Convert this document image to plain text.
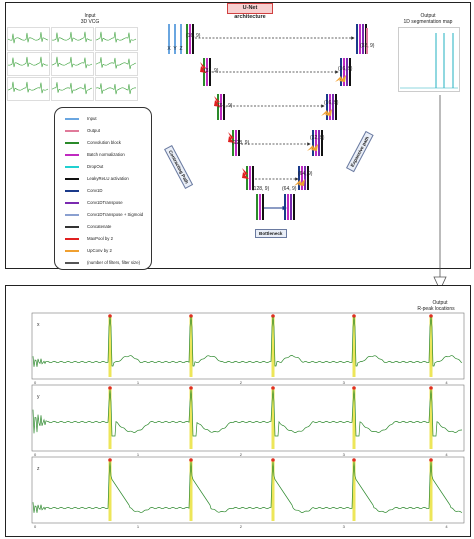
U-Net architecture
Input
3D VCG
Output
1D segmentation map
X Y Z
Contracting Path	Expansive path
Bottleneck
(16, 9)
(32, 9)
(64, 9)
(128, 9)
(128, 9)	(64, 9)
(64, 9)
(32, 9)
(16, 9)
(16, 9)
(32, 9)
Input
Output
Convolution block
Batch normalization
DropOut
LeakyReLU activation
Conv1D
Conv1DTranspose
Conv1DTranspose + Sigmoid
Concatenate
MaxPool by 2
UpConv by 2
(number of filters, filter size)
Output
R-peak locations
x
0	1	2	3	4
y
0	1	2	3	4
z
0	1	2	3	4
